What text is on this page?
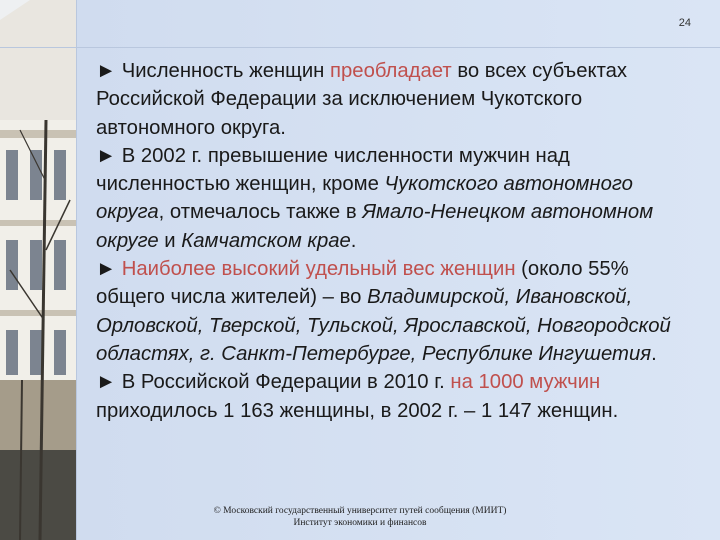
24

► Численность женщин преобладает во всех субъектах Российской Федерации за исключением Чукотского автономного округа.

► В 2002 г. превышение численности мужчин над численностью женщин, кроме Чукотского автономного округа, отмечалось также в Ямало-Ненецком автономном округе и Камчатском крае.

► Наиболее высокий удельный вес женщин (около 55% общего числа жителей) – во Владимирской, Ивановской, Орловской, Тверской, Тульской, Ярославской, Новгородской областях, г. Санкт-Петербурге, Республике Ингушетия.

► В Российской Федерации в 2010 г. на 1000 мужчин приходилось 1 163 женщины, в 2002 г. – 1 147 женщин.

© Московский государственный университет путей сообщения (МИИТ)
Институт экономики и финансов
